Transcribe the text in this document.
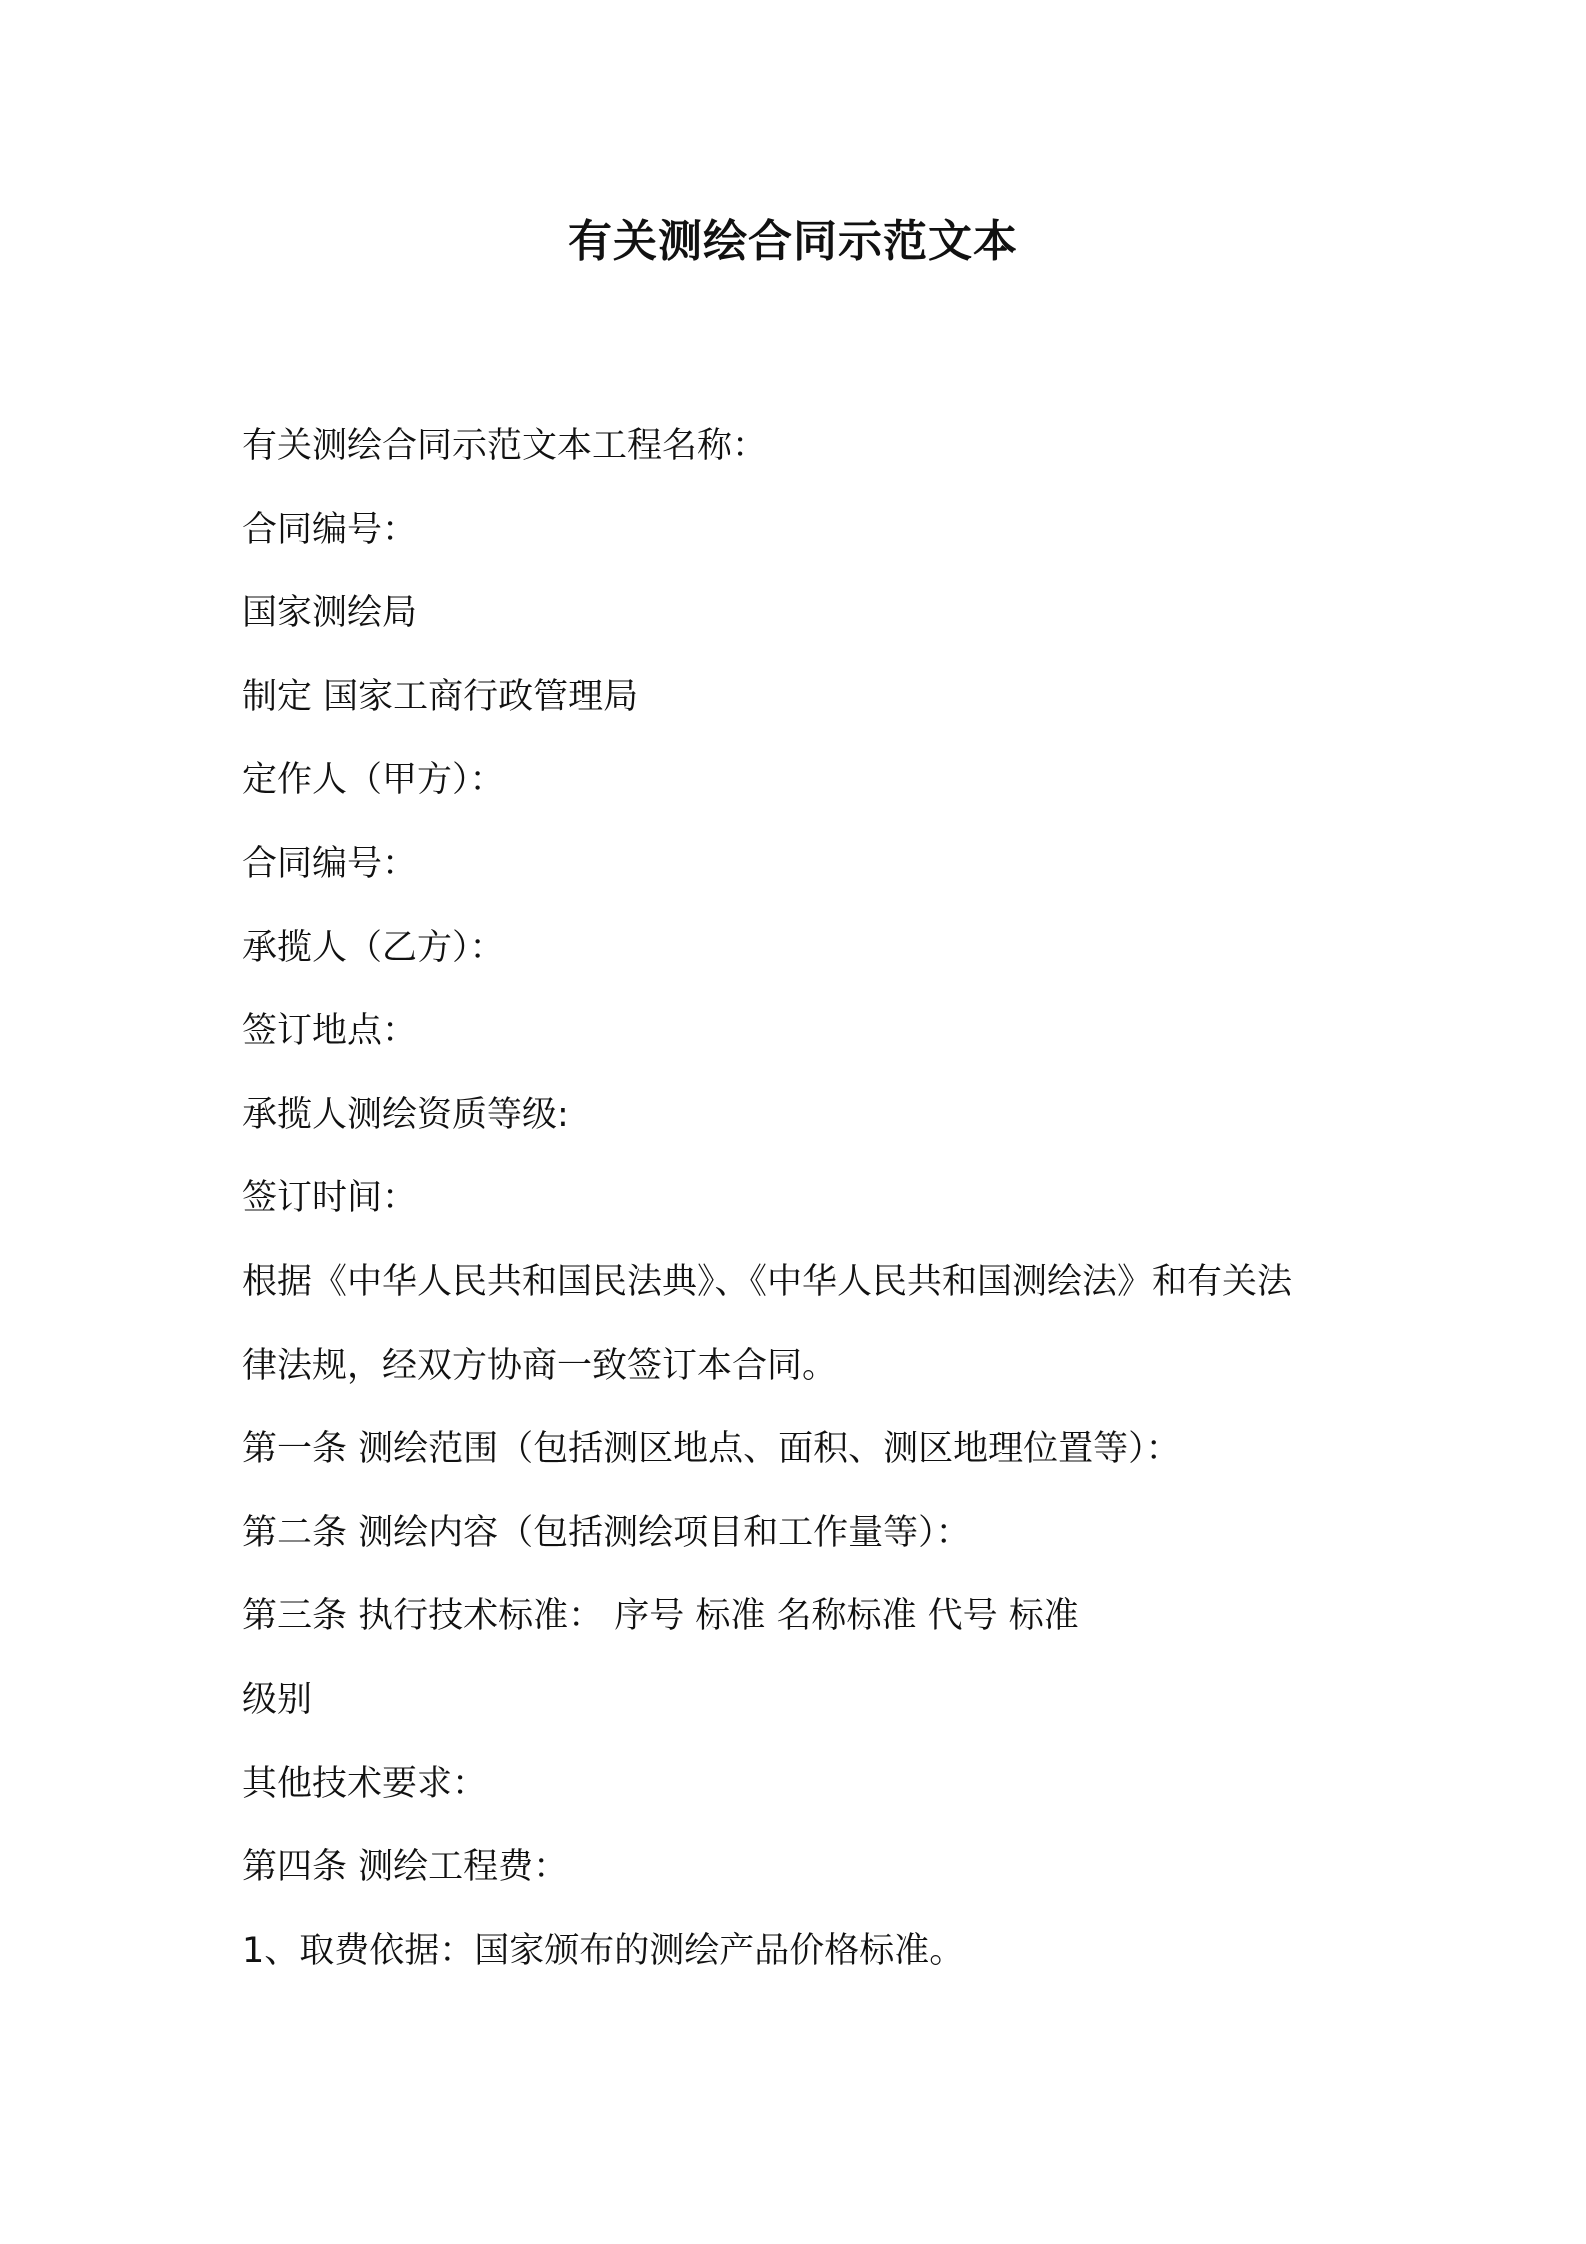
有关测绘合同示范文本

有关测绘合同示范文本工程名称：

合同编号：

国家测绘局

制定 国家工商行政管理局

定作人（甲方）：

合同编号：

承揽人（乙方）：

签订地点：

承揽人测绘资质等级:

签订时间：

根据《中华人民共和国民法典》、《中华人民共和国测绘法》和有关法

律法规，经双方协商一致签订本合同。

第一条 测绘范围（包括测区地点、面积、测区地理位置等）：

第二条 测绘内容（包括测绘项目和工作量等）：

第三条 执行技术标准： 序号 标准 名称标准 代号 标准

级别

其他技术要求：

第四条 测绘工程费：

1、取费依据：国家颁布的测绘产品价格标准。
